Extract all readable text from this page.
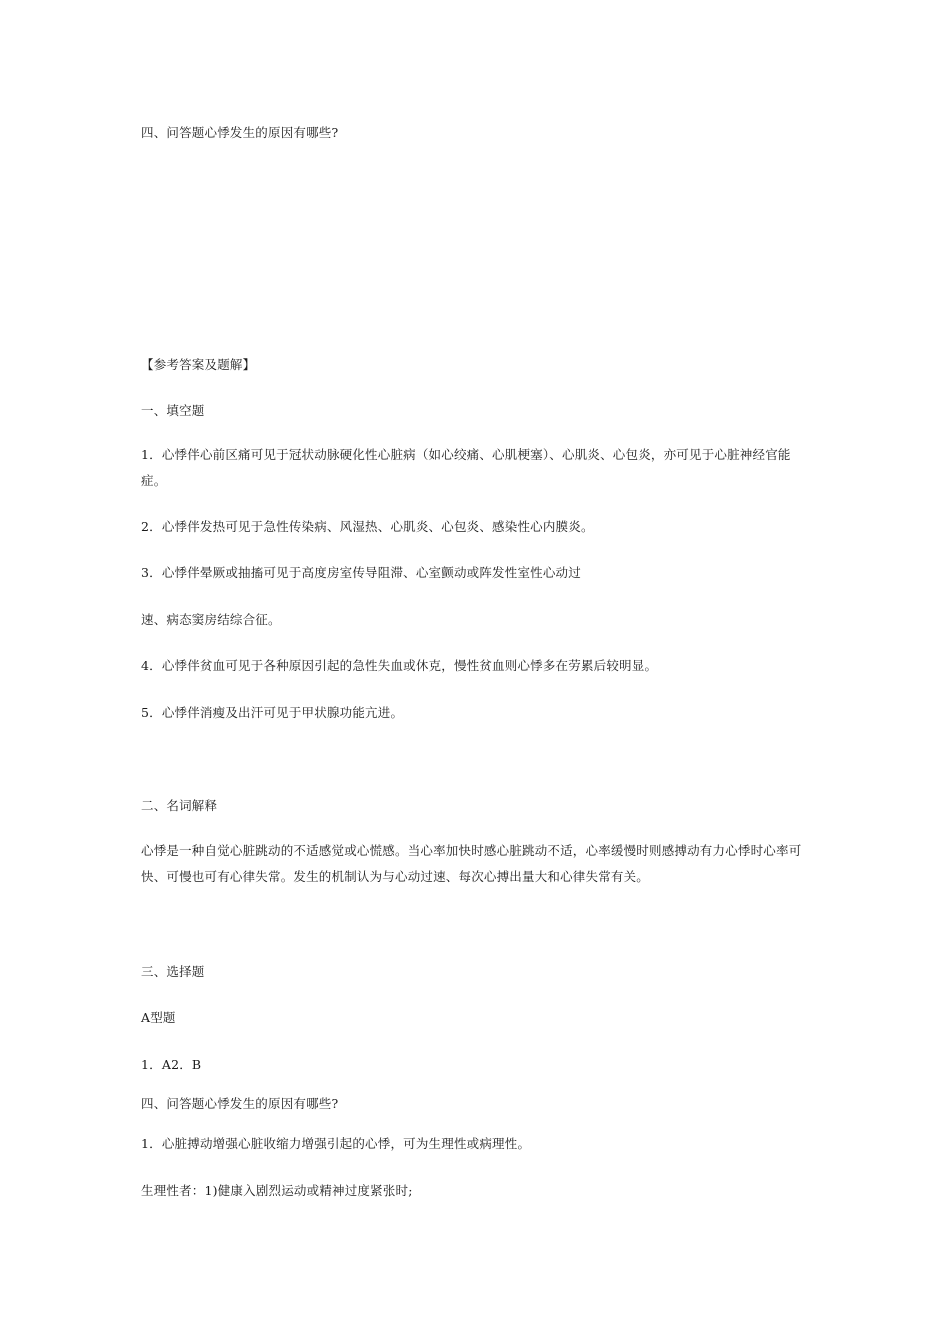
四、问答题心悸发生的原因有哪些?
【参考答案及题解】
一、填空题
1．心悸伴心前区痛可见于冠状动脉硬化性心脏病（如心绞痛、心肌梗塞）、心肌炎、心包炎，亦可见于心脏神经官能症。
2．心悸伴发热可见于急性传染病、风湿热、心肌炎、心包炎、感染性心内膜炎。
3．心悸伴晕厥或抽搐可见于高度房室传导阻滞、心室颤动或阵发性室性心动过
速、病态窦房结综合征。
4．心悸伴贫血可见于各种原因引起的急性失血或休克，慢性贫血则心悸多在劳累后较明显。
5．心悸伴消瘦及出汗可见于甲状腺功能亢进。
二、名词解释
心悸是一种自觉心脏跳动的不适感觉或心慌感。当心率加快时感心脏跳动不适，心率缓慢时则感搏动有力心悸时心率可快、可慢也可有心律失常。发生的机制认为与心动过速、每次心搏出量大和心律失常有关。
三、选择题
A型题
1．A2．B
四、问答题心悸发生的原因有哪些?
1．心脏搏动增强心脏收缩力增强引起的心悸，可为生理性或病理性。
生理性者：1)健康入剧烈运动或精神过度紧张时;
